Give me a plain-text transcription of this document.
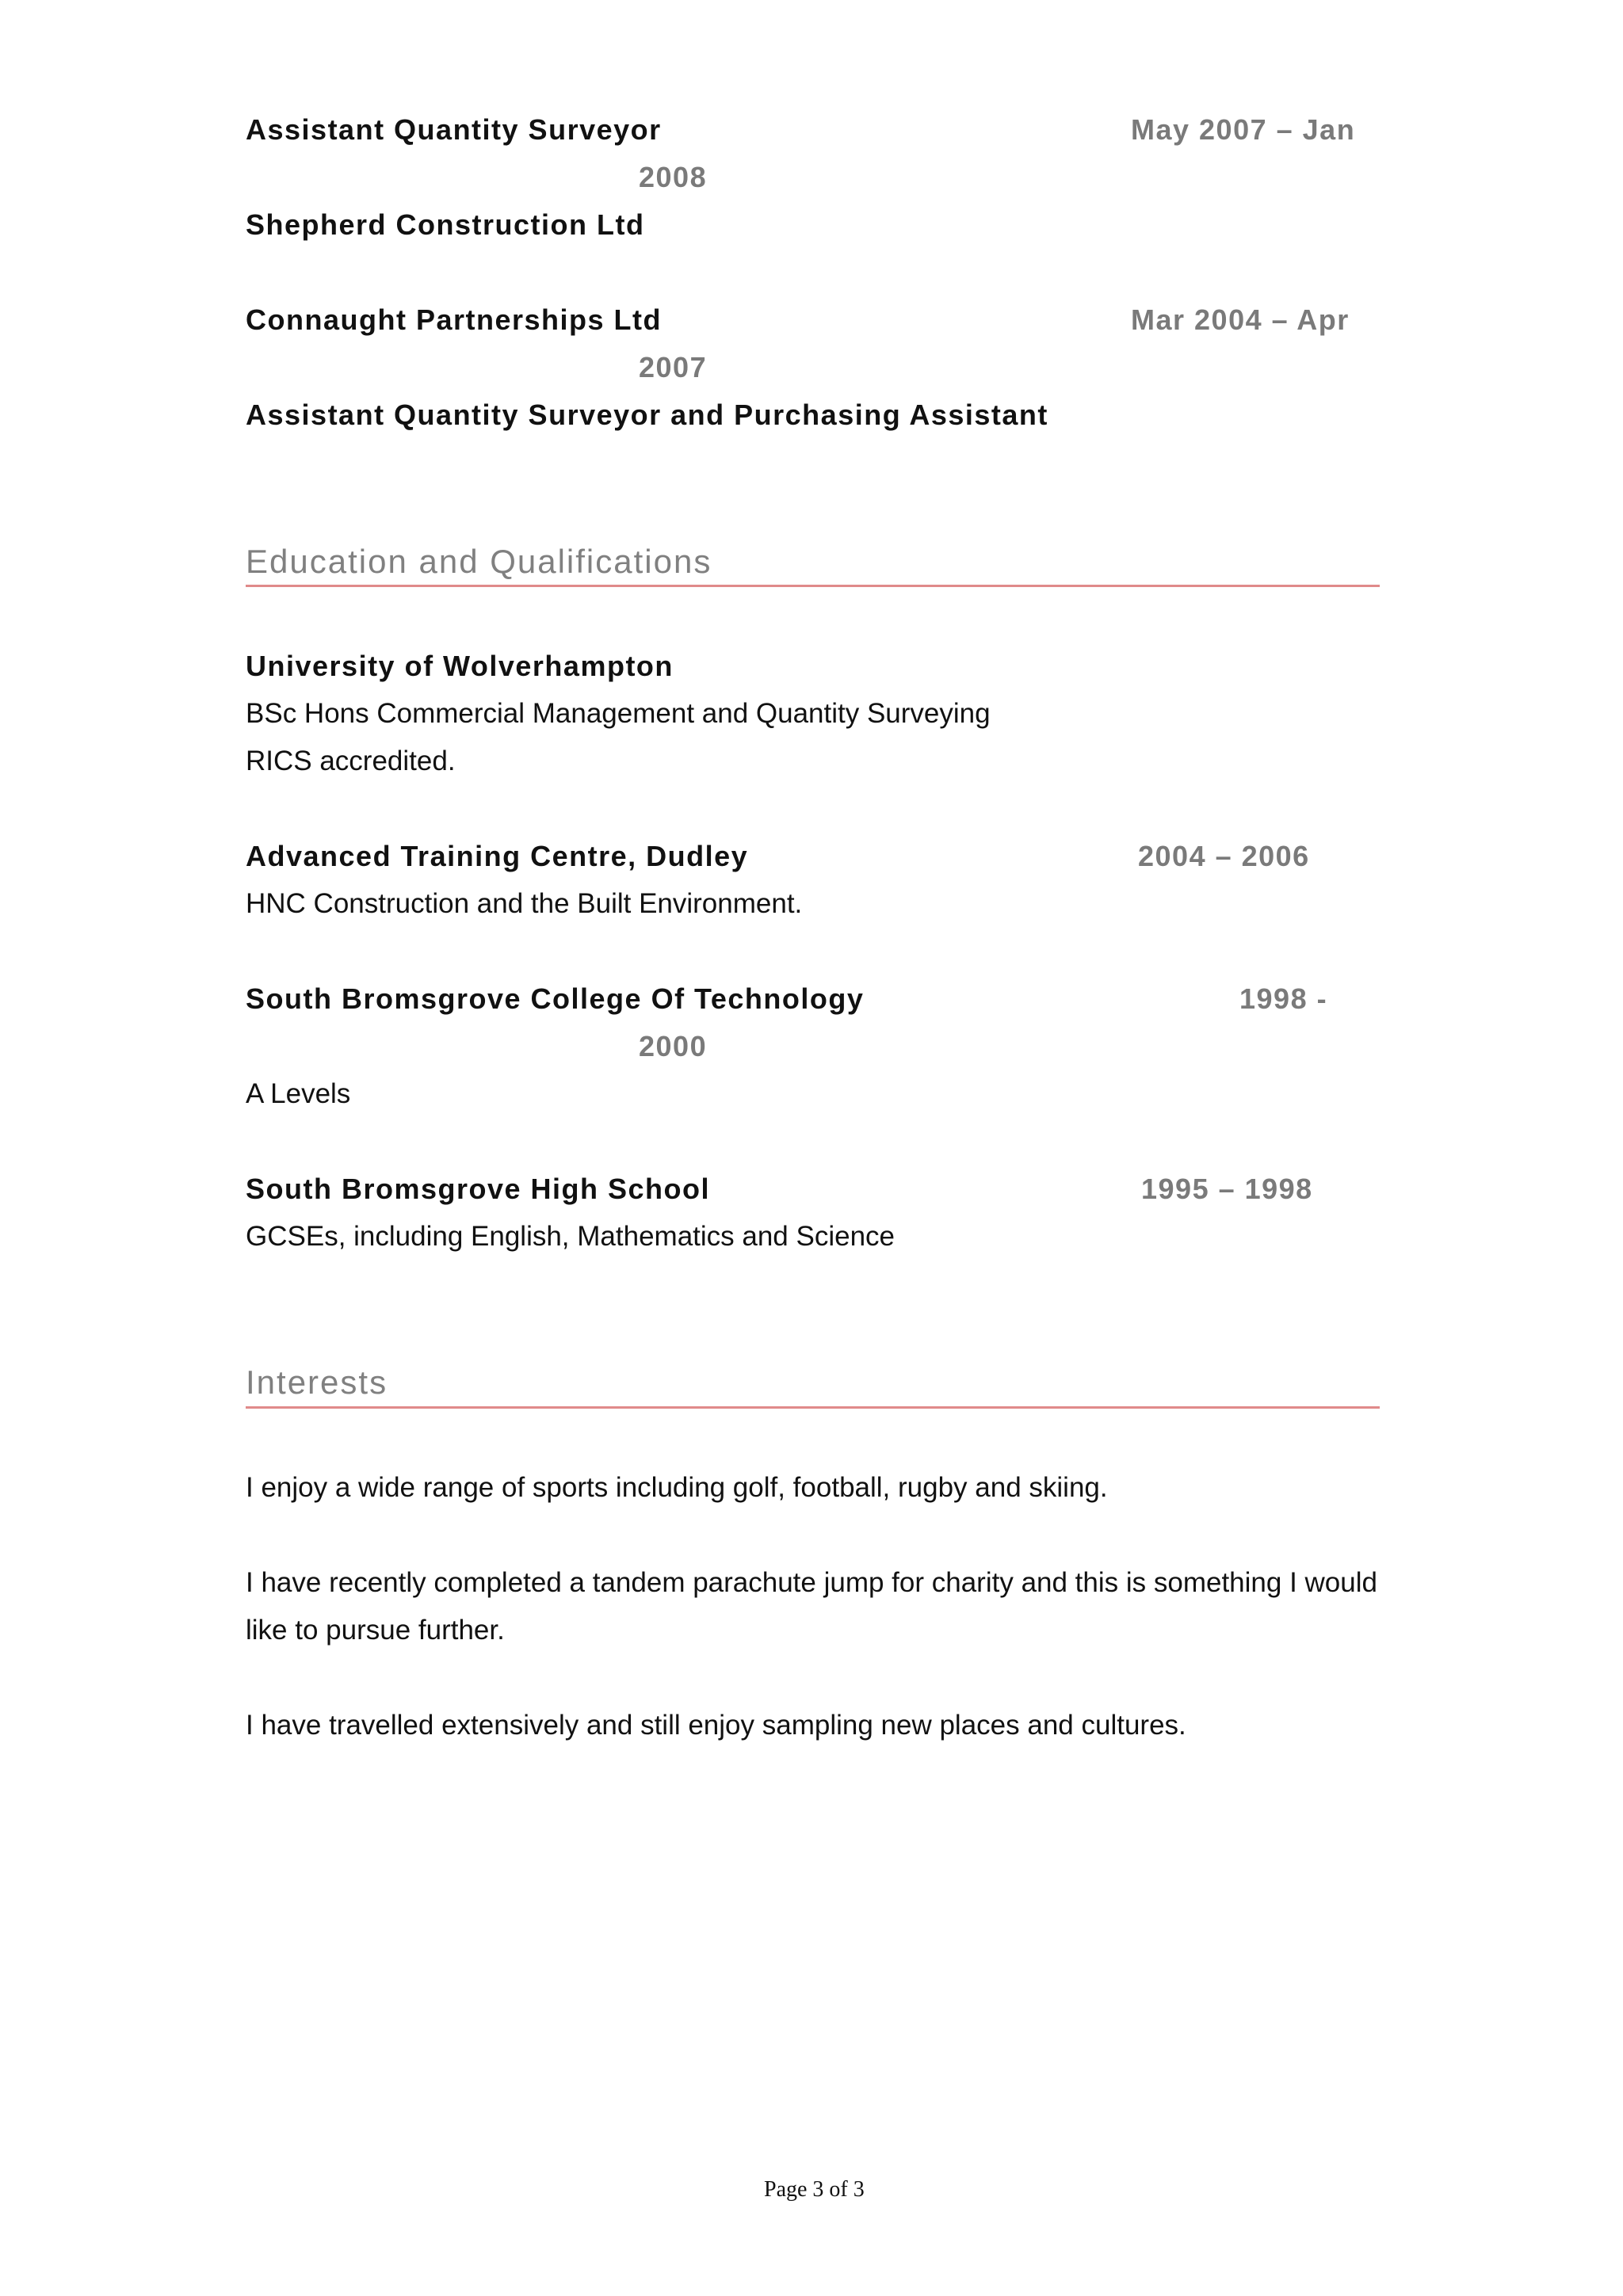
Assistant Quantity Surveyor	May 2007 – Jan
2008
Shepherd Construction Ltd
Connaught Partnerships Ltd	Mar 2004 – Apr
2007
Assistant Quantity Surveyor and Purchasing Assistant
Education and Qualifications
University of Wolverhampton
BSc Hons Commercial Management and Quantity Surveying
RICS accredited.
Advanced Training Centre, Dudley	2004 – 2006
HNC Construction and the Built Environment.
South Bromsgrove College Of Technology	1998 -
2000
A Levels
South Bromsgrove High School	1995 – 1998
GCSEs, including English, Mathematics and Science
Interests
I enjoy a wide range of sports including golf, football, rugby and skiing.
I have recently completed a tandem parachute jump for charity and this is something I would
like to pursue further.
I have travelled extensively and still enjoy sampling new places and cultures.
Page 3 of 3
